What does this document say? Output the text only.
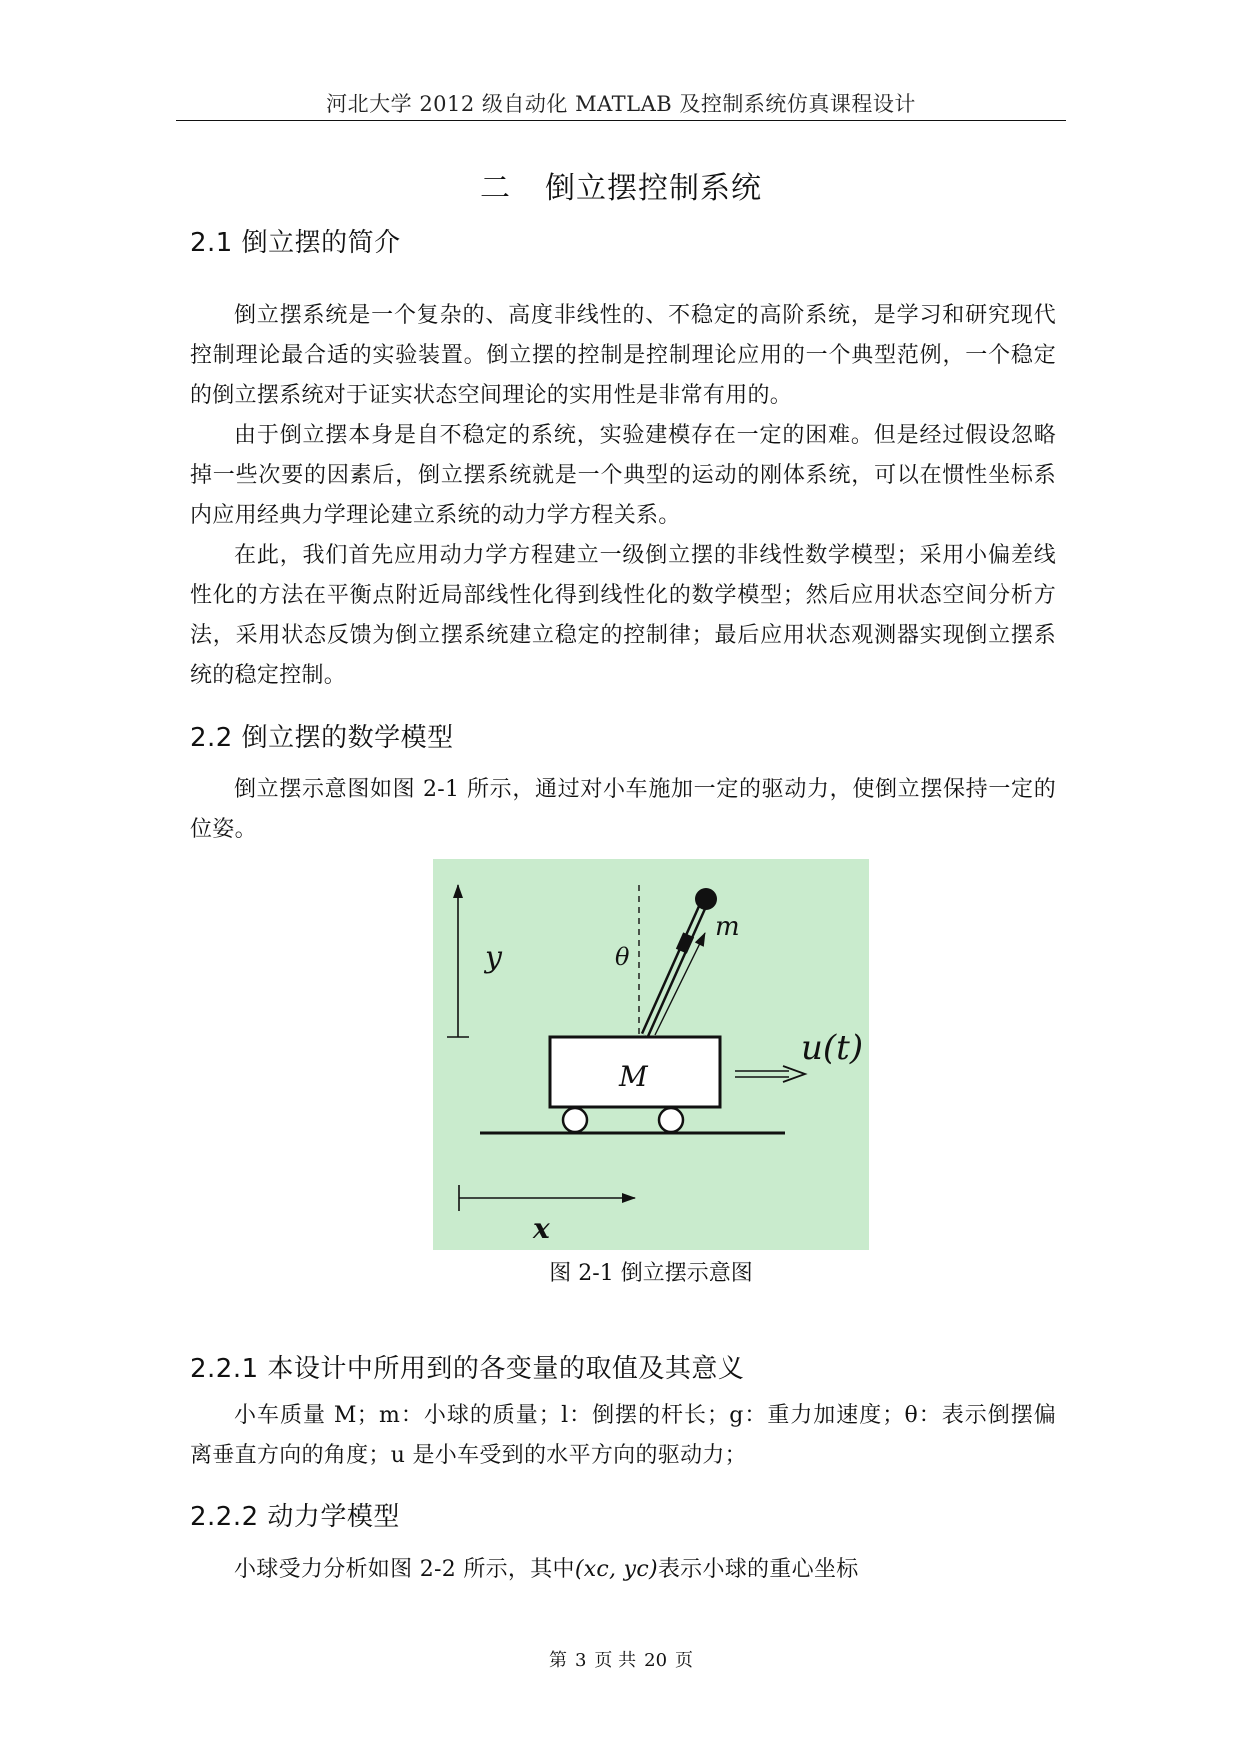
河北大学 2012 级自动化 MATLAB 及控制系统仿真课程设计
二 倒立摆控制系统
2.1 倒立摆的简介
倒立摆系统是一个复杂的、高度非线性的、不稳定的高阶系统，是学习和研究现代控制理论最合适的实验装置。倒立摆的控制是控制理论应用的一个典型范例，一个稳定的倒立摆系统对于证实状态空间理论的实用性是非常有用的。
由于倒立摆本身是自不稳定的系统，实验建模存在一定的困难。但是经过假设忽略掉一些次要的因素后，倒立摆系统就是一个典型的运动的刚体系统，可以在惯性坐标系内应用经典力学理论建立系统的动力学方程关系。
在此，我们首先应用动力学方程建立一级倒立摆的非线性数学模型；采用小偏差线性化的方法在平衡点附近局部线性化得到线性化的数学模型；然后应用状态空间分析方法，采用状态反馈为倒立摆系统建立稳定的控制律；最后应用状态观测器实现倒立摆系统的稳定控制。
2.2 倒立摆的数学模型
倒立摆示意图如图 2-1 所示，通过对小车施加一定的驱动力，使倒立摆保持一定的位姿。
y
m
θ
M
u(t)
x
图 2-1 倒立摆示意图
2.2.1 本设计中所用到的各变量的取值及其意义
小车质量 M；m：小球的质量；l：倒摆的杆长；g：重力加速度；θ：表示倒摆偏离垂直方向的角度；u 是小车受到的水平方向的驱动力；
2.2.2 动力学模型
小球受力分析如图 2-2 所示，其中(xc, yc)表示小球的重心坐标
第 3 页 共 20 页
